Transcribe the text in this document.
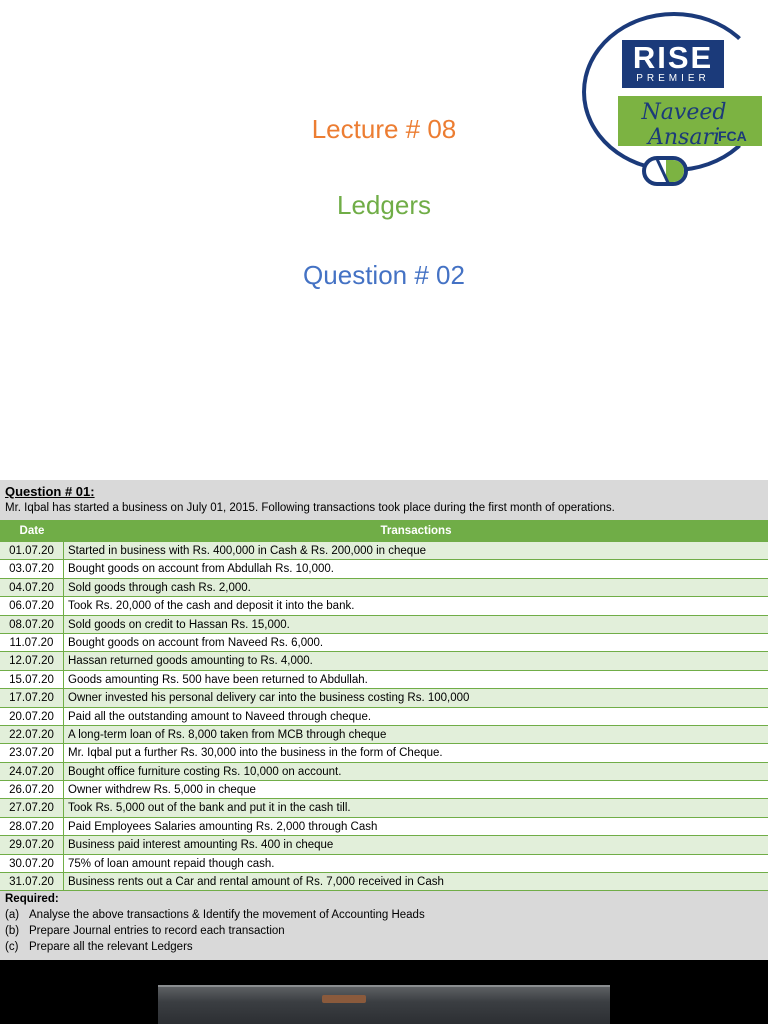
Lecture # 08
Ledgers
Question # 02
RISE
PREMIER
Naveed Ansari
FCA
Question # 01:
Mr. Iqbal has started a business on July 01, 2015. Following transactions took place during the first month of operations.
Date	Transactions
01.07.20	Started in business with Rs. 400,000 in Cash & Rs. 200,000 in cheque
03.07.20	Bought goods on account from Abdullah Rs. 10,000.
04.07.20	Sold goods through cash Rs. 2,000.
06.07.20	Took Rs. 20,000 of the cash and deposit it into the bank.
08.07.20	Sold goods on credit to Hassan Rs. 15,000.
11.07.20	Bought goods on account from Naveed Rs. 6,000.
12.07.20	Hassan returned goods amounting to Rs. 4,000.
15.07.20	Goods amounting Rs. 500 have been returned to Abdullah.
17.07.20	Owner invested his personal delivery car into the business costing Rs. 100,000
20.07.20	Paid all the outstanding amount to Naveed through cheque.
22.07.20	A long-term loan of Rs. 8,000 taken from MCB through cheque
23.07.20	Mr. Iqbal put a further Rs. 30,000 into the business in the form of Cheque.
24.07.20	Bought office furniture costing Rs. 10,000 on account.
26.07.20	Owner withdrew Rs. 5,000 in cheque
27.07.20	Took Rs. 5,000 out of the bank and put it in the cash till.
28.07.20	Paid Employees Salaries amounting Rs. 2,000 through Cash
29.07.20	Business paid interest amounting Rs. 400 in cheque
30.07.20	75% of loan amount repaid though cash.
31.07.20	Business rents out a Car and rental amount of Rs. 7,000 received in Cash
Required:
(a) Analyse the above transactions & Identify the movement of Accounting Heads
(b) Prepare Journal entries to record each transaction
(c) Prepare all the relevant Ledgers
